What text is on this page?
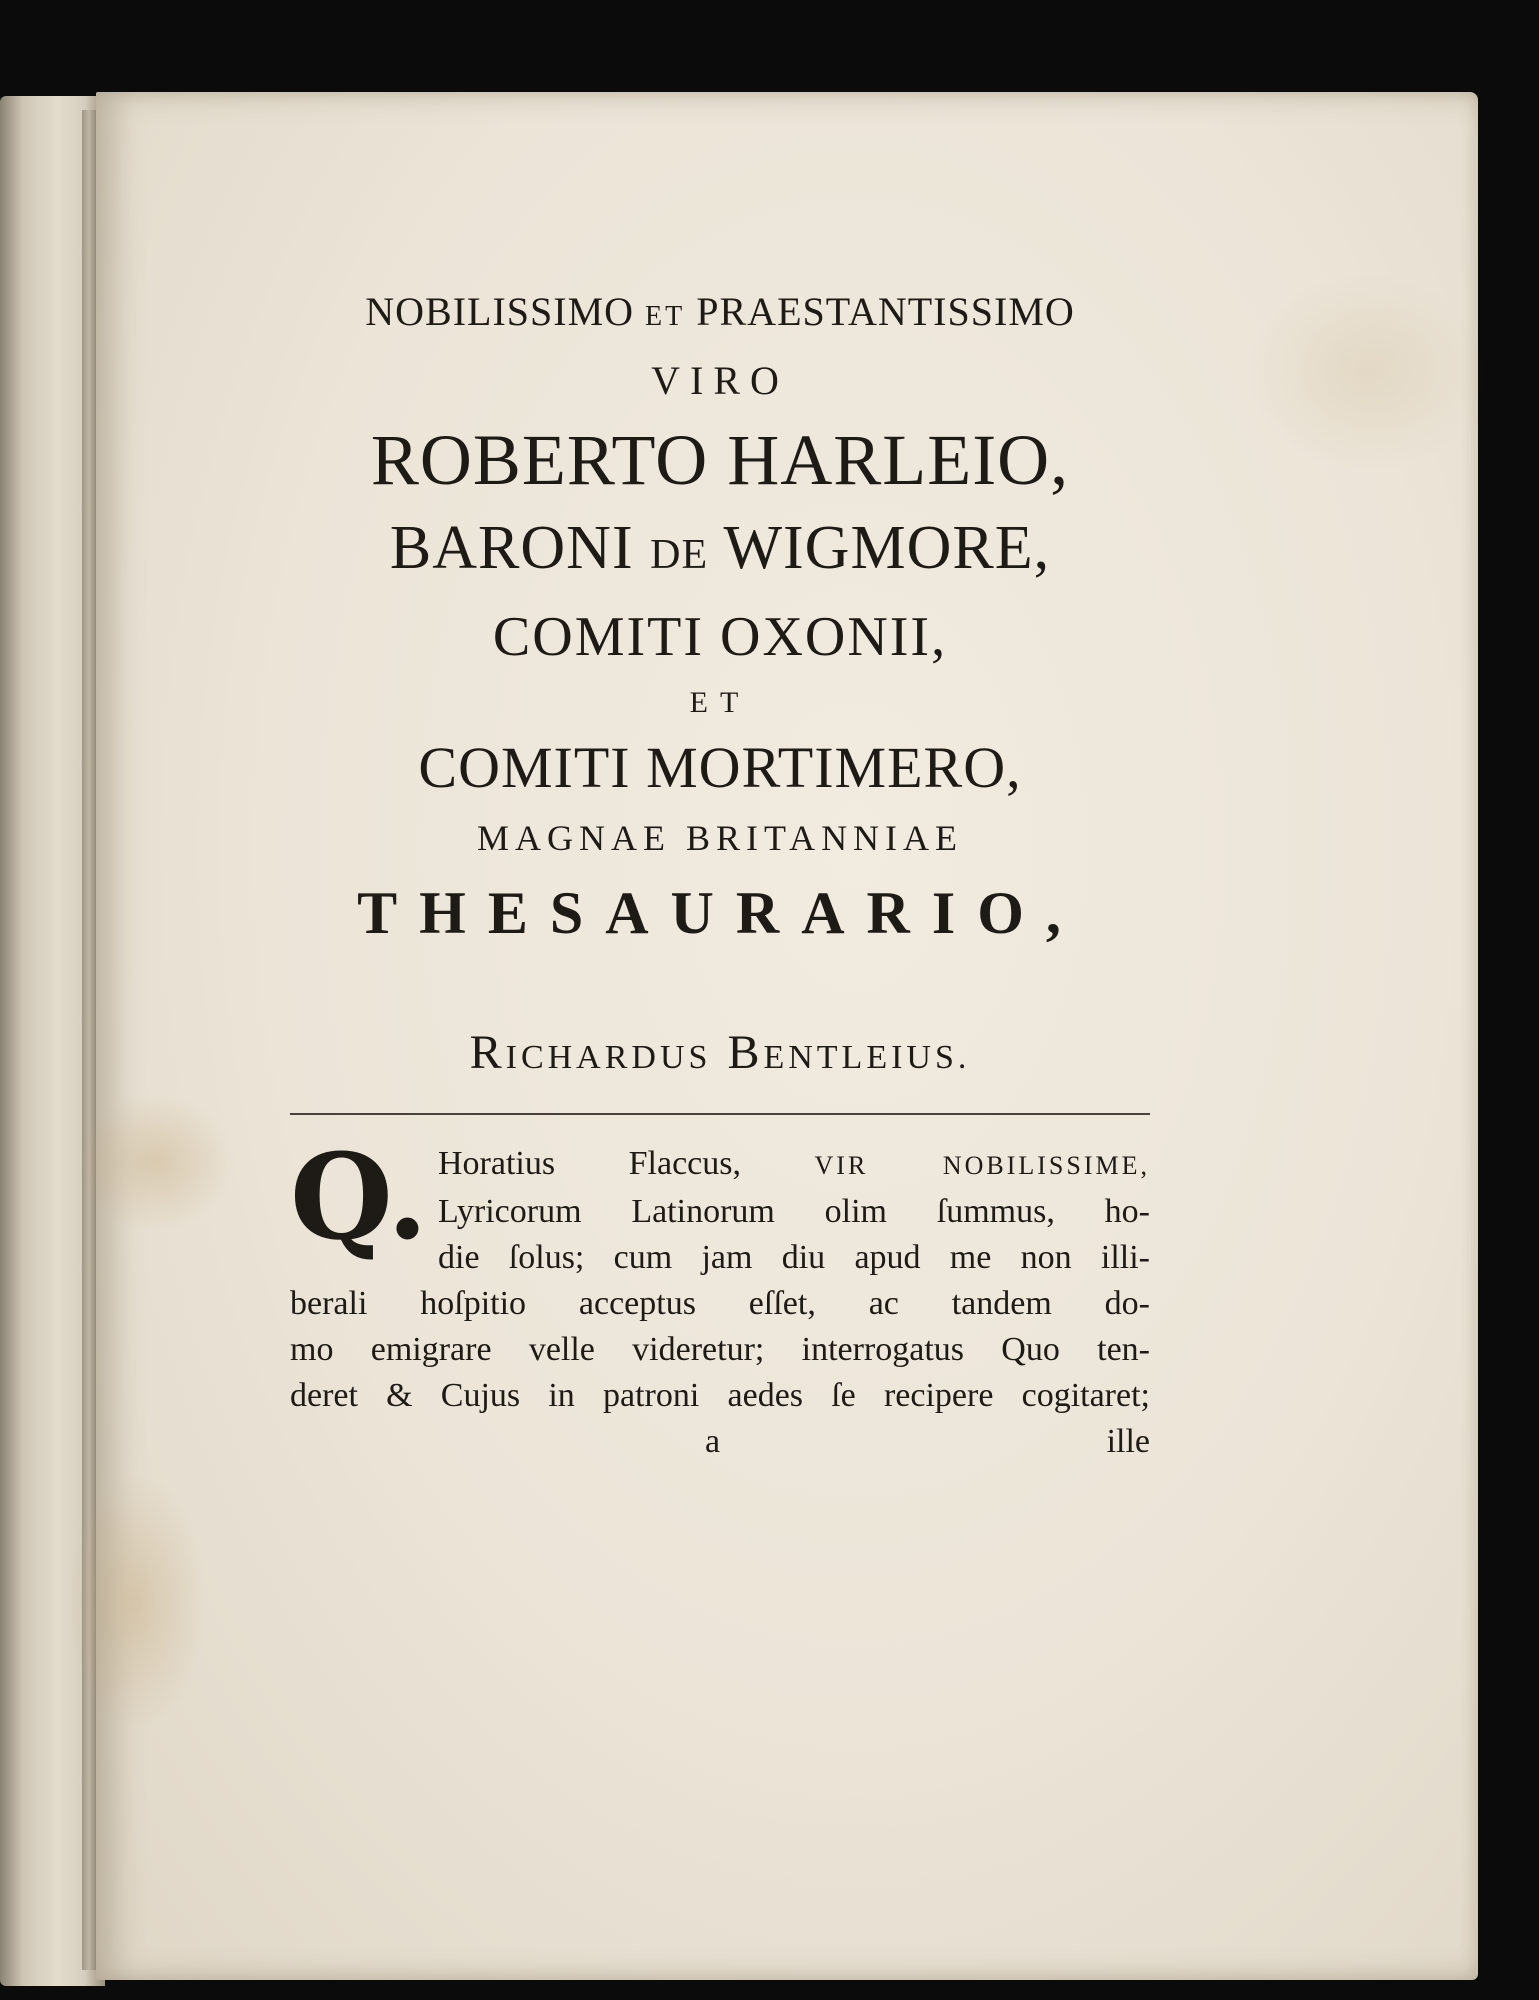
NOBILISSIMO ET PRAESTANTISSIMO
VIRO
ROBERTO HARLEIO,
BARONI DE WIGMORE,
COMITI OXONII,
ET
COMITI MORTIMERO,
MAGNAE BRITANNIAE
THESAURARIO,
RICHARDUS BENTLEIUS.
Q. Horatius Flaccus, VIR NOBILISSIME,
Lyricorum Latinorum olim ſummus, ho-
die ſolus; cum jam diu apud me non illi-
berali hoſpitio acceptus eſſet, ac tandem do-
mo emigrare velle videretur; interrogatus Quo ten-
deret & Cujus in patroni aedes ſe recipere cogitaret;
a	ille
